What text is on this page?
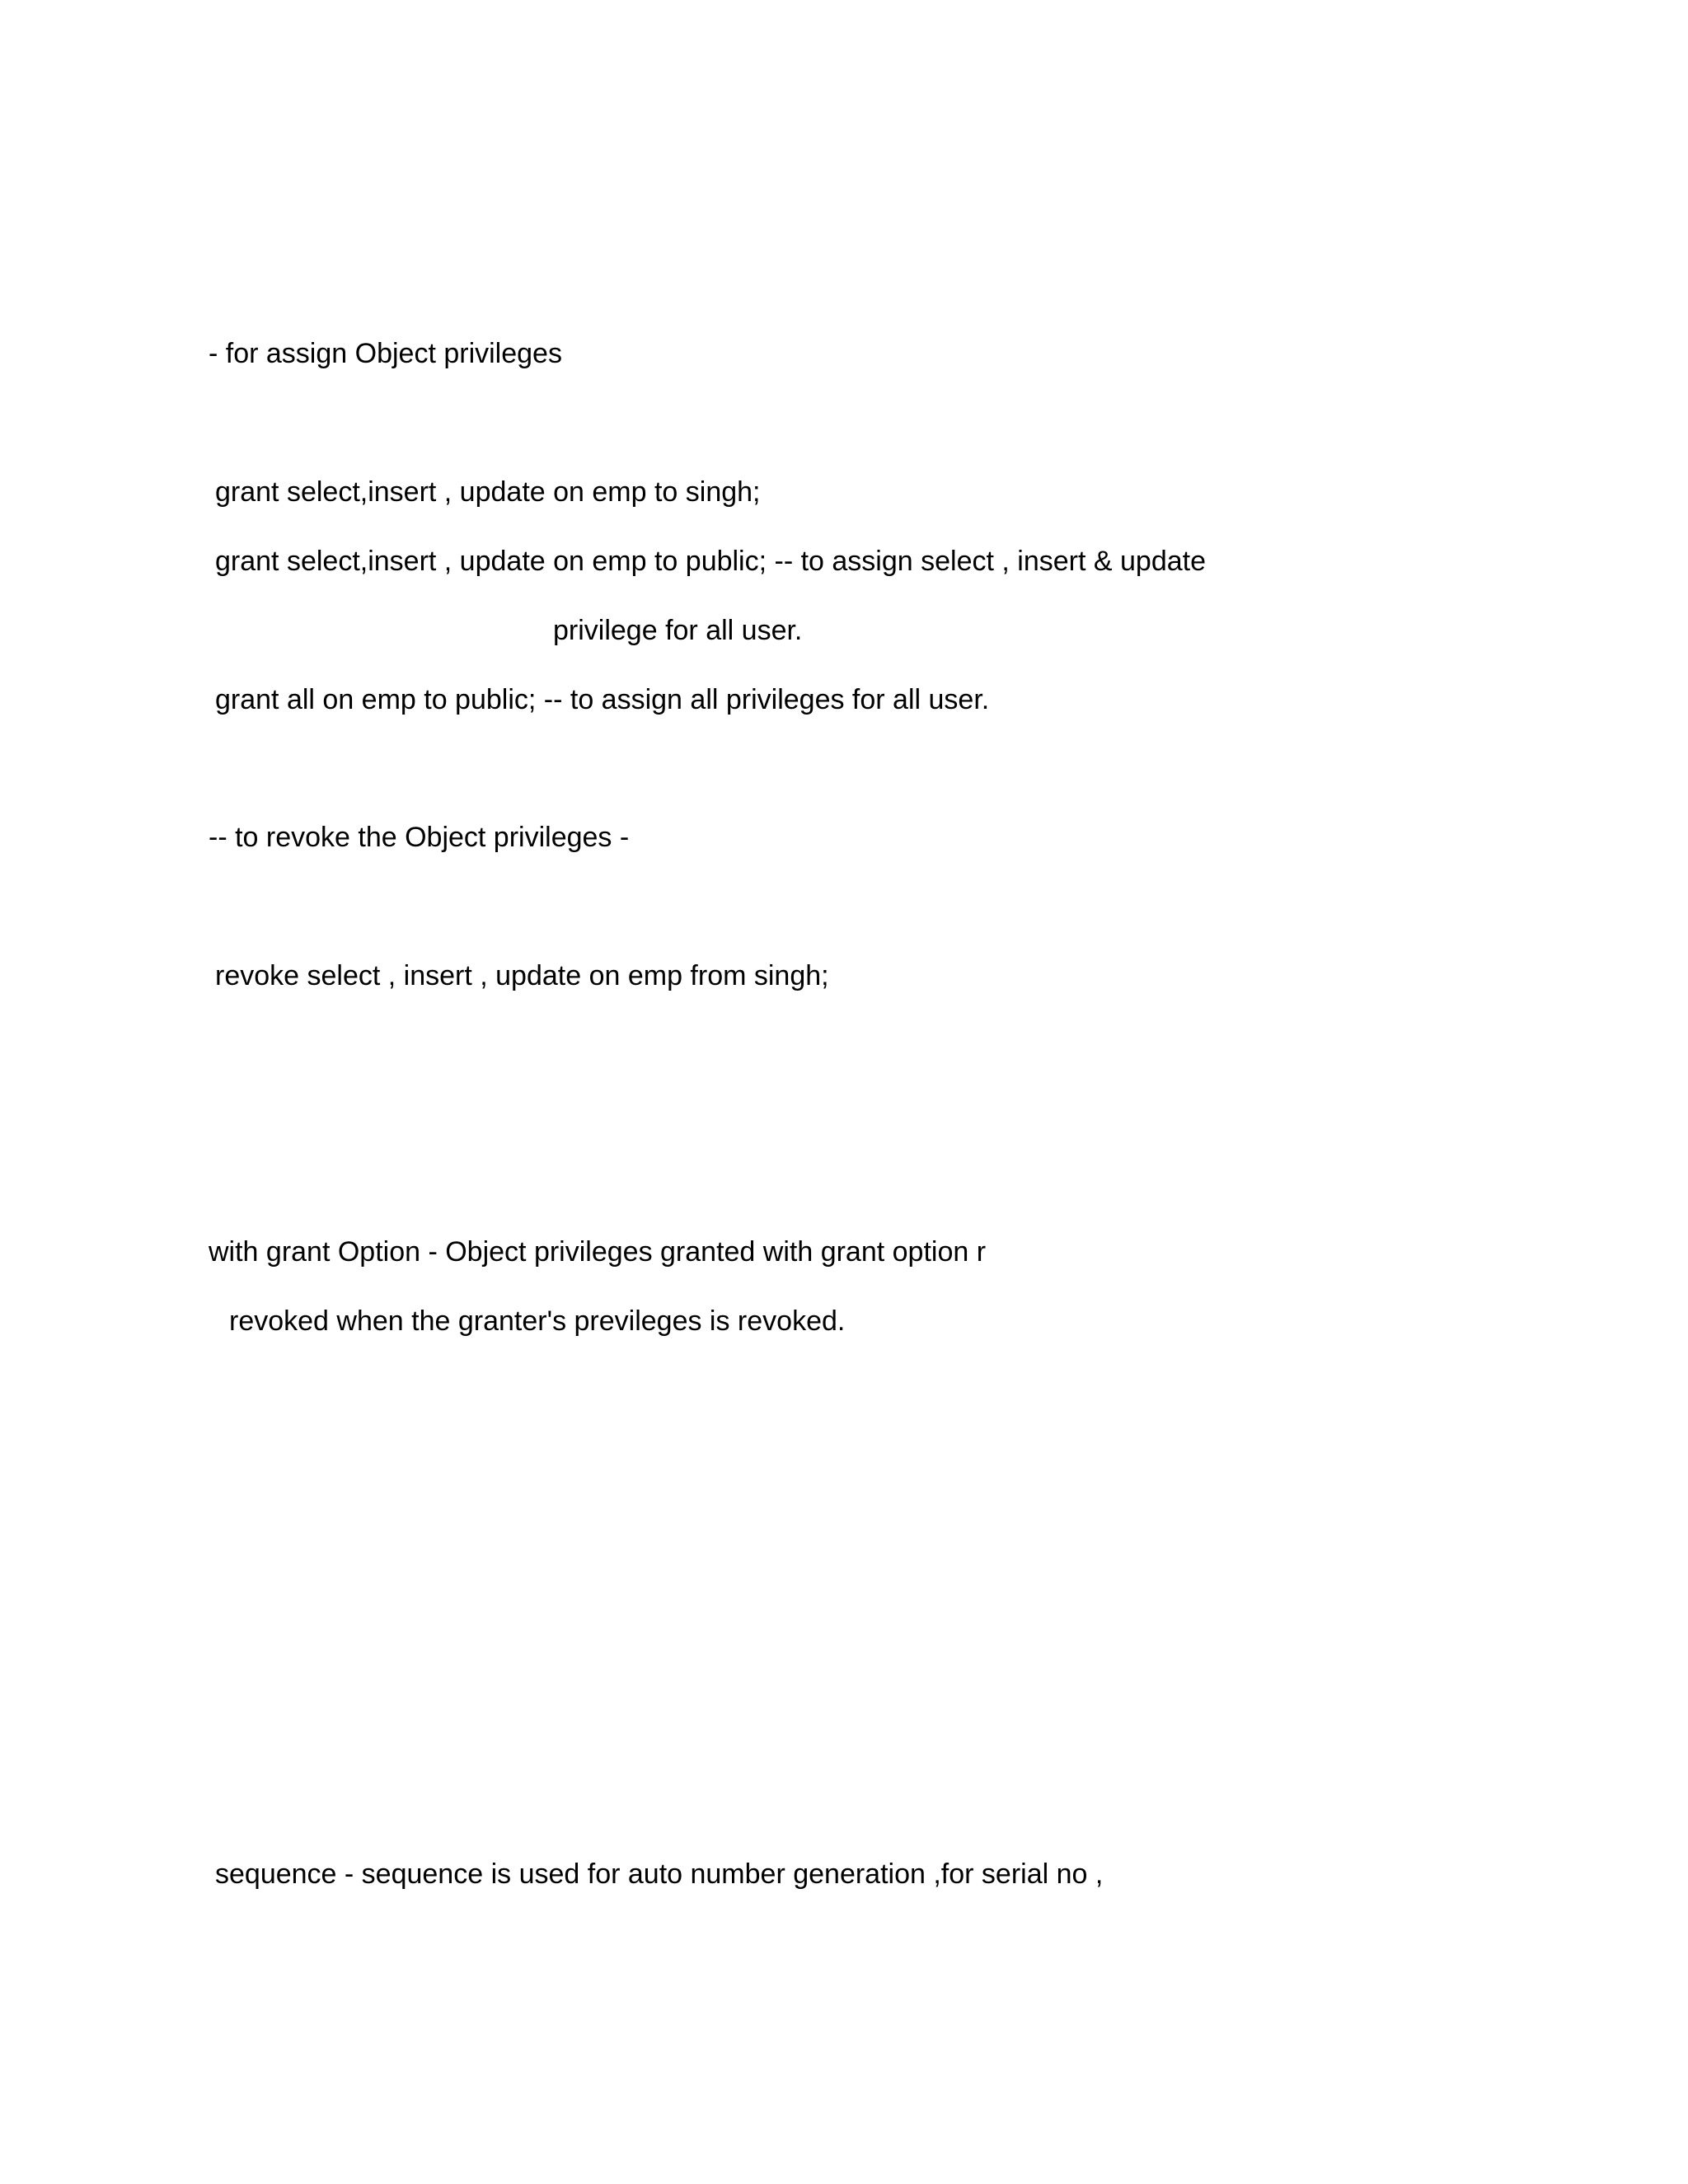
- for assign Object privileges
grant select,insert , update on emp to singh;
grant select,insert , update on emp to public; -- to assign select , insert & update
privilege for all user.
grant all on emp to public; -- to assign all privileges for all user.
-- to revoke the Object privileges -
revoke select , insert , update on emp from singh;
with grant Option - Object privileges granted with grant option r
revoked when the granter's previleges is revoked.
sequence - sequence is used for auto number generation ,for serial no ,
